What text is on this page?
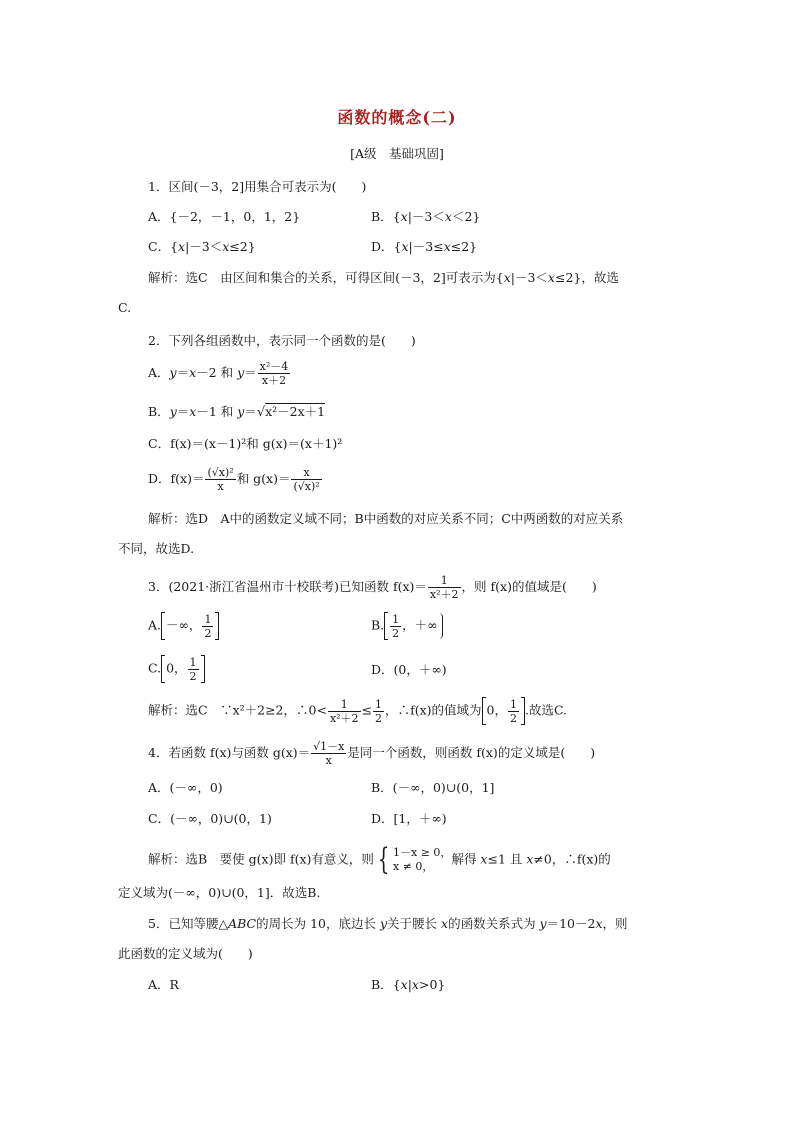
函数的概念(二)
[A级　基础巩固]
1．区间(－3，2]用集合可表示为(　　)
A．{－2，－1，0，1，2}	B．{x|－3＜x＜2}
C．{x|－3＜x≤2}	D．{x|－3≤x≤2}
解析：选C　由区间和集合的关系，可得区间(－3，2]可表示为{x|－3＜x≤2}，故选
C.
2．下列各组函数中，表示同一个函数的是(　　)
A．y＝x－2 和 $y= \frac{\text{x²－4}}{x+2}$
B．y＝x－1 和 y＝√x²－2x＋1
C．f(x)＝(x－1)²和 g(x)＝(x＋1)²
D．$f(x)= \frac{\text{(√x)²}}{x}$ 和 $g(x)= \frac{x}{\text{(√x)²}}$
解析：选D　A中的函数定义域不同；B中函数的对应关系不同；C中两函数的对应关系
不同，故选D.
3．(2021·浙江省温州市十校联考)已知函数 $f(x)= \frac{1}{\text{x²＋2}}$ ，则 f(x)的值域是(　　)
A. －∞， $\frac{1}{2}$	B. $\frac{1}{2}$ ，＋∞
C. 0， $\frac{1}{2}$	D．(0，＋∞)
解析：选C　∵x²＋2≥2，∴0< $\frac{1}{\text{x²＋2}} \le \frac{1}{2}$ ，∴f(x)的值域为 0， $\frac{1}{2}$ .故选C.
4．若函数 f(x)与函数 $g(x)= \frac{√1-x}{x}$ 是同一个函数，则函数 f(x)的定义域是(　　)
A．(－∞，0)	B．(－∞，0)∪(0，1]
C．(－∞，0)∪(0，1)	D．[1，＋∞)
解析：选B　要使 g(x)即 f(x)有意义，则 { 1－x ≥ 0，
x ≠ 0，	解得 x≤1 且 x≠0，∴f(x)的
定义域为(－∞，0)∪(0，1]．故选B.
5．已知等腰△ABC的周长为 10，底边长 y关于腰长 x的函数关系式为 y＝10－2x，则
此函数的定义域为(　　)
A．R	B．{x|x>0}
